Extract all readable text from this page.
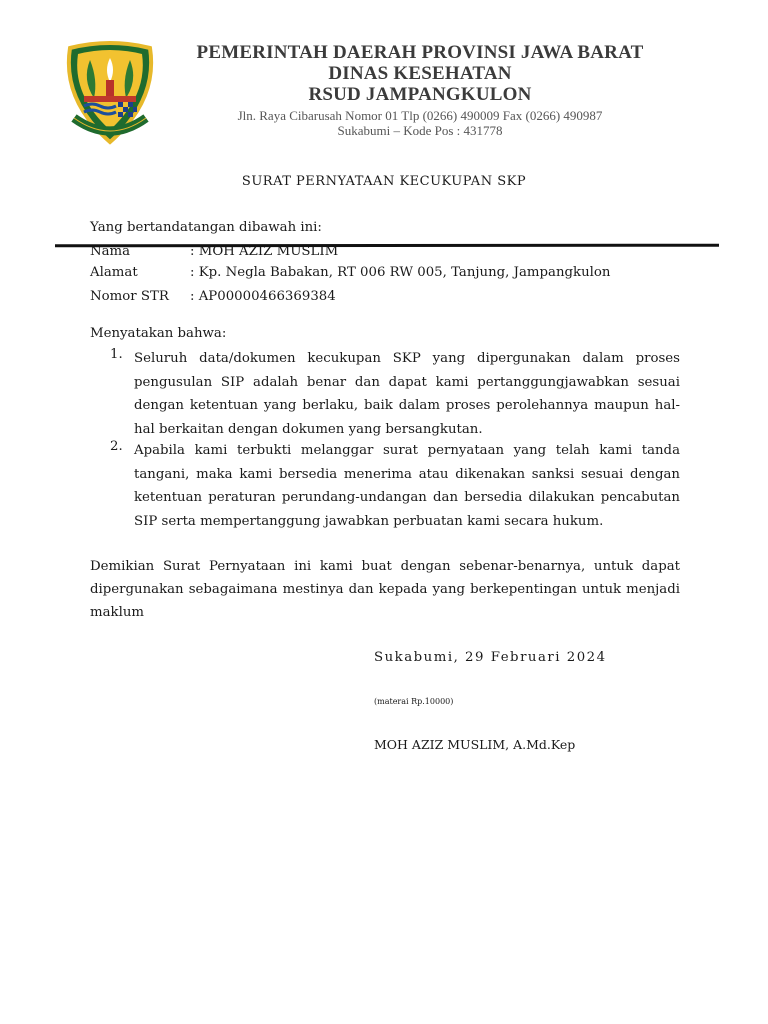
PEMERINTAH DAERAH PROVINSI JAWA BARAT
DINAS KESEHATAN
RSUD JAMPANGKULON
Jln. Raya Cibarusah Nomor 01 Tlp (0266) 490009 Fax (0266) 490987
Sukabumi – Kode Pos : 431778
SURAT PERNYATAAN KECUKUPAN SKP
Yang bertandatangan dibawah ini:
Nama	: MOH AZIZ MUSLIM
Alamat	: Kp. Negla Babakan, RT 006 RW 005, Tanjung, Jampangkulon
Nomor STR : AP00000466369384
Menyatakan bahwa:
1. Seluruh data/dokumen kecukupan SKP yang dipergunakan dalam proses pengusulan SIP adalah benar dan dapat kami pertanggungjawabkan sesuai dengan ketentuan yang berlaku, baik dalam proses perolehannya maupun hal-hal berkaitan dengan dokumen yang bersangkutan.
2. Apabila kami terbukti melanggar surat pernyataan yang telah kami tanda tangani, maka kami bersedia menerima atau dikenakan sanksi sesuai dengan ketentuan peraturan perundang-undangan dan bersedia dilakukan pencabutan SIP serta mempertanggung jawabkan perbuatan kami secara hukum.
Demikian Surat Pernyataan ini kami buat dengan sebenar-benarnya, untuk dapat dipergunakan sebagaimana mestinya dan kepada yang berkepentingan untuk menjadi maklum
Sukabumi, 29 Februari 2024
(materai Rp.10000)
MOH AZIZ MUSLIM, A.Md.Kep
